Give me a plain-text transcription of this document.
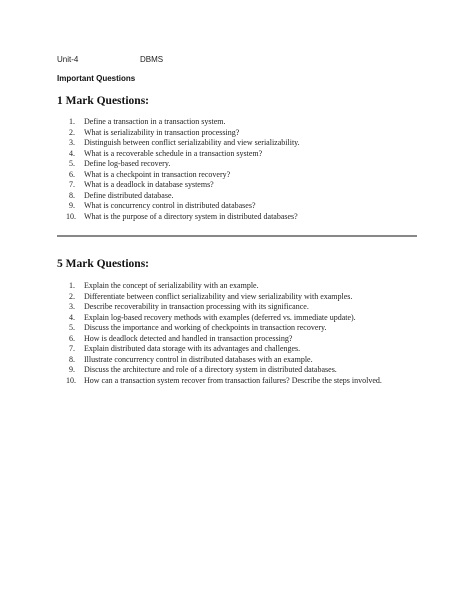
Unit-4	DBMS
Important Questions
1 Mark Questions:
1. Define a transaction in a transaction system.
2. What is serializability in transaction processing?
3. Distinguish between conflict serializability and view serializability.
4. What is a recoverable schedule in a transaction system?
5. Define log-based recovery.
6. What is a checkpoint in transaction recovery?
7. What is a deadlock in database systems?
8. Define distributed database.
9. What is concurrency control in distributed databases?
10. What is the purpose of a directory system in distributed databases?
5 Mark Questions:
1. Explain the concept of serializability with an example.
2. Differentiate between conflict serializability and view serializability with examples.
3. Describe recoverability in transaction processing with its significance.
4. Explain log-based recovery methods with examples (deferred vs. immediate update).
5. Discuss the importance and working of checkpoints in transaction recovery.
6. How is deadlock detected and handled in transaction processing?
7. Explain distributed data storage with its advantages and challenges.
8. Illustrate concurrency control in distributed databases with an example.
9. Discuss the architecture and role of a directory system in distributed databases.
10. How can a transaction system recover from transaction failures? Describe the steps involved.
